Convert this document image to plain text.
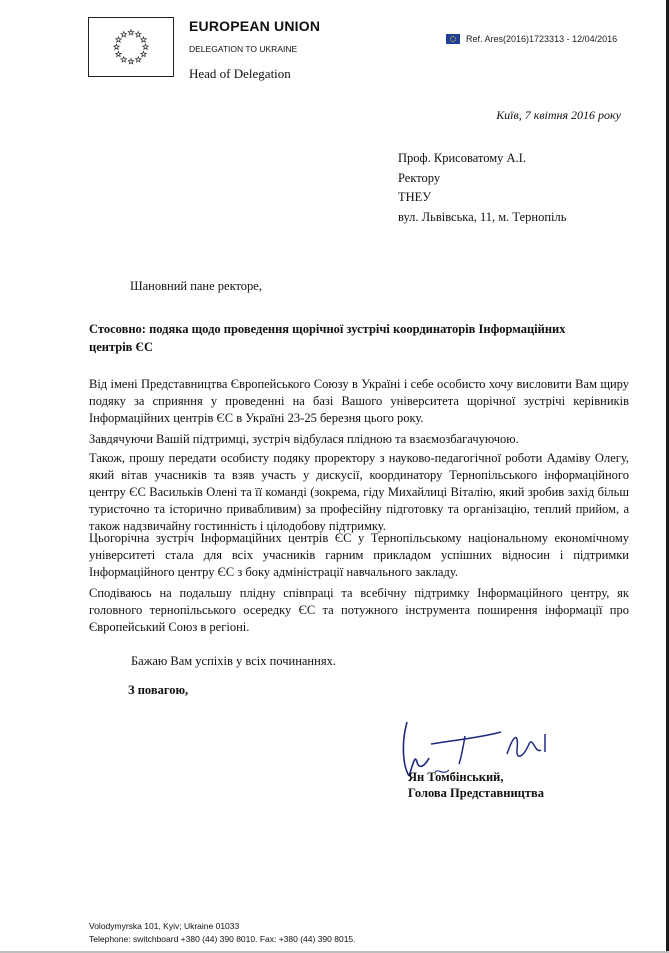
EUROPEAN UNION
DELEGATION TO UKRAINE
Head of Delegation
Ref. Ares(2016)1723313 - 12/04/2016
Київ, 7 квітня 2016 року
Проф. Крисоватому А.І.
Ректору
ТНЕУ
вул. Львівська, 11, м. Тернопіль
Шановний пане ректоре,
Стосовно: подяка щодо проведення щорічної зустрічі координаторів Інформаційних центрів ЄС

Від імені Представництва Європейського Союзу в Україні і себе особисто хочу висловити Вам щиру подяку за сприяння у проведенні на базі Вашого університета щорічної зустрічі керівників Інформаційних центрів ЄС в Україні 23-25 березня цього року.

Завдячуючи Вашій підтримці, зустріч відбулася плідною та взаємозбагачуючою.

Також, прошу передати особисту подяку проректору з науково-педагогічної роботи Адаміву Олегу, який вітав учасників та взяв участь у дискусії, координатору Тернопільського інформаційного центру ЄС Васильків Олені та її команді (зокрема, гіду Михайлиці Віталію, який зробив захід більш туристочно та історично привабливим) за професійну підготовку та організацію, теплий прийом, а також надзвичайну гостинність і цілодобову підтримку.

Цьогорічна зустріч Інформаційних центрів ЄС у Тернопільському національному економічному університеті стала для всіх учасників гарним прикладом успішних відносин і підтримки Інформаційного центру ЄС з боку адміністрації навчального закладу.

Сподіваюсь на подальшу плідну співпраці та всебічну підтримку Інформаційного центру, як головного тернопільського осередку ЄС та потужного інструмента поширення інформації про Європейський Союз в регіоні.

Бажаю Вам успіхів у всіх починаннях.
З повагою,
Ян Томбінський,
Голова Представництва
Volodymyrska 101, Kyiv; Ukraine 01033
Telephone: switchboard +380 (44) 390 8010. Fax: +380 (44) 390 8015.
